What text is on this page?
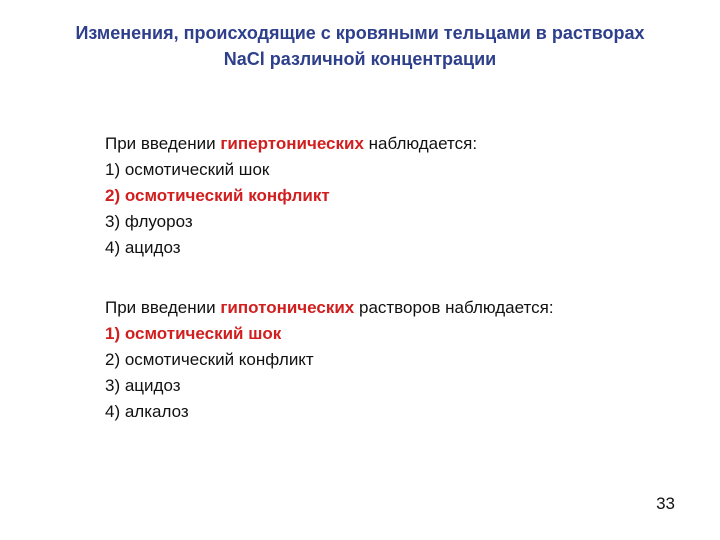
Изменения, происходящие с кровяными тельцами в растворах
NaCl различной концентрации
При введении гипертонических наблюдается:
1) осмотический шок
2) осмотический конфликт
3) флуороз
4) ацидоз
При введении гипотонических растворов наблюдается:
1) осмотический шок
2) осмотический конфликт
3) ацидоз
4) алкалоз
33
